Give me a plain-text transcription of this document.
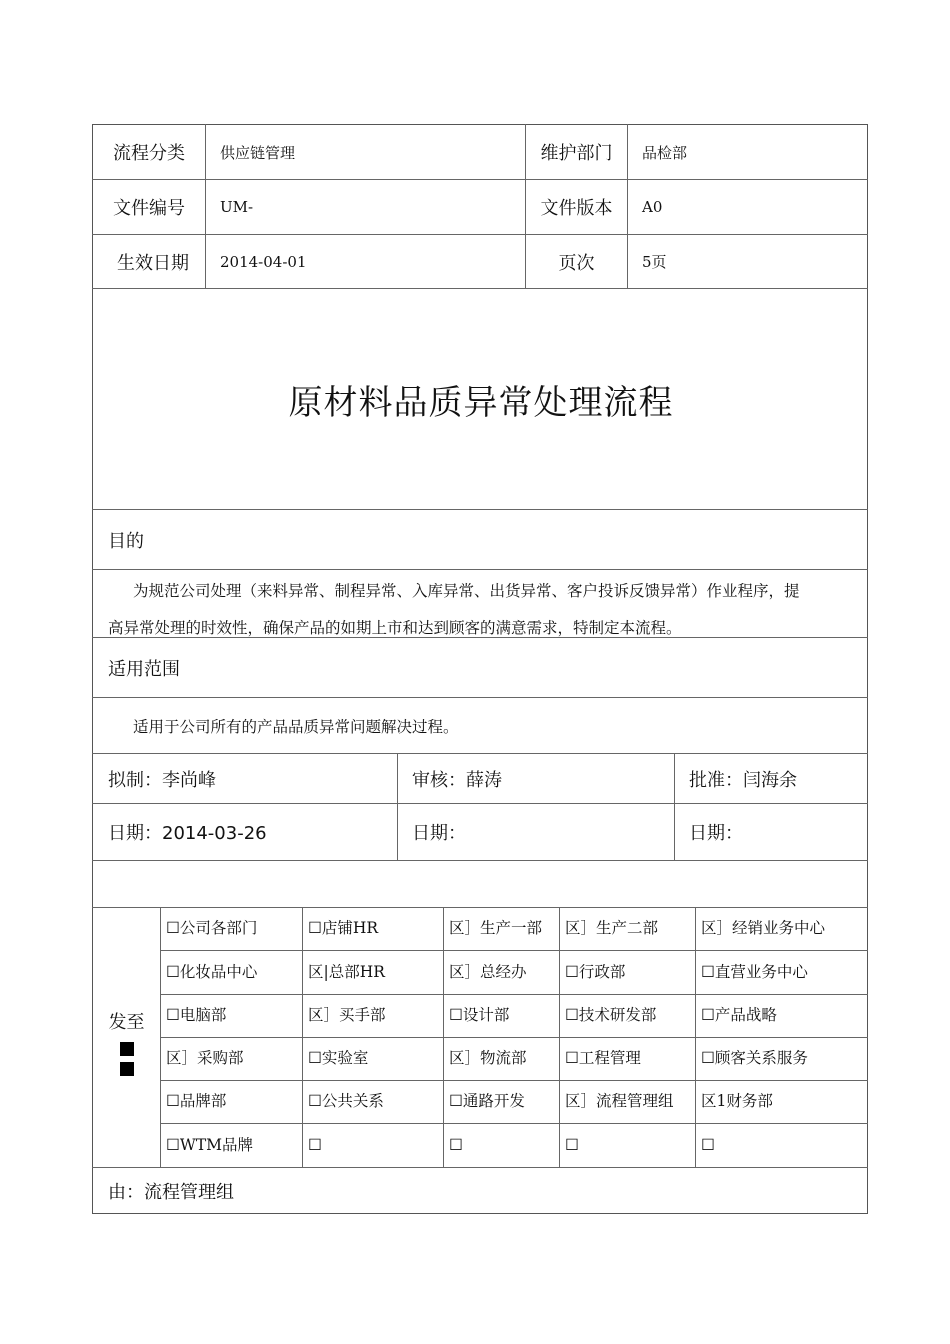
流程分类	供应链管理	维护部门	品检部
文件编号	UM-	文件版本	A0
生效日期	2014-04-01	页次	5页
原材料品质异常处理流程
目的
为规范公司处理（来料异常、制程异常、入库异常、出货异常、客户投诉反馈异常）作业程序，提
高异常处理的时效性，确保产品的如期上市和达到顾客的满意需求，特制定本流程。
适用范围
适用于公司所有的产品品质异常问题解决过程。
拟制：李尚峰	审核：薛涛	批准：闫海余
日期：2014-03-26	日期：	日期：
发至
☐公司各部门	☐店铺HR	区］生产一部	区］生产二部	区］经销业务中心
☐化妆品中心	区|总部HR	区］总经办	☐行政部	☐直营业务中心
☐电脑部	区］买手部	☐设计部	☐技术研发部	☐产品战略
区］采购部	☐实验室	区］物流部	☐工程管理	☐顾客关系服务
☐品牌部	☐公共关系	☐通路开发	区］流程管理组	区1财务部
☐WTM品牌	☐	☐	☐	☐
由：流程管理组
